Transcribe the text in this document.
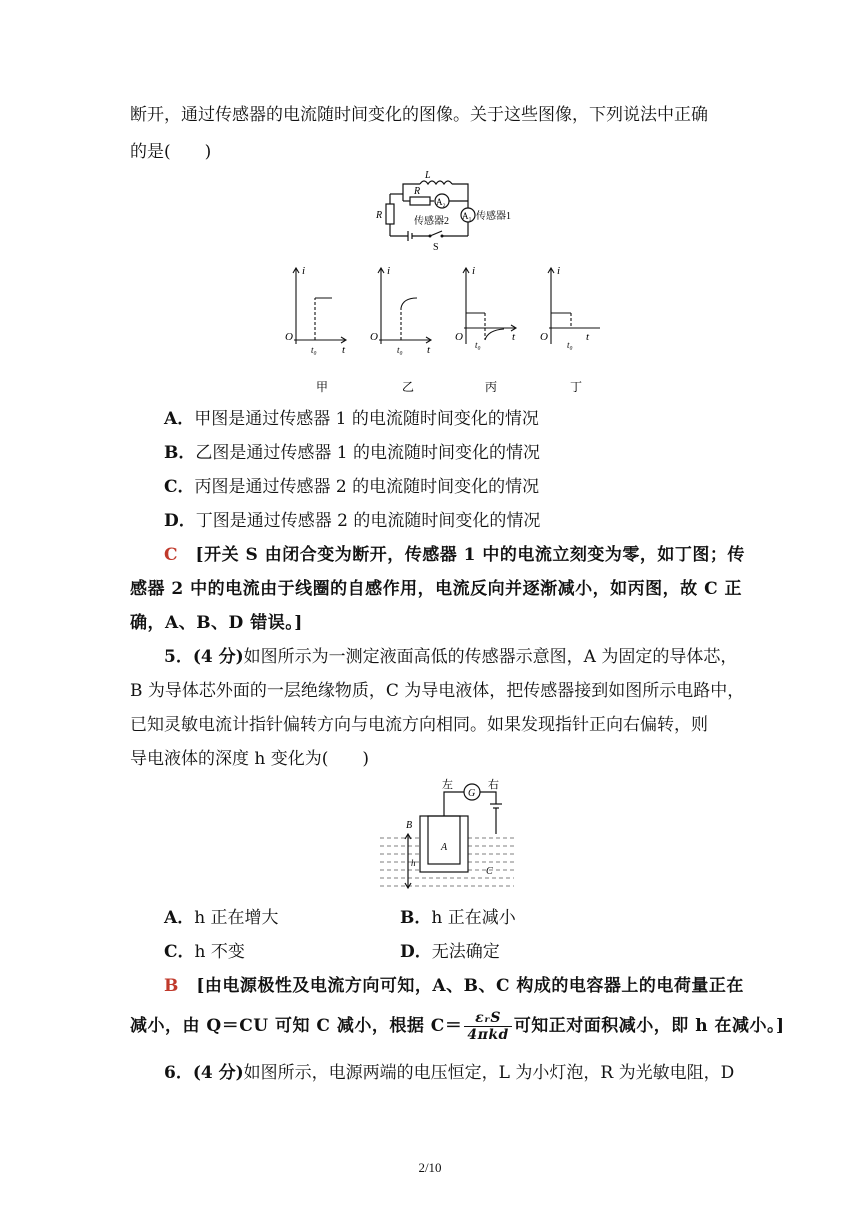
断开，通过传感器的电流随时间变化的图像。关于这些图像，下列说法中正确
的是(　　)
L
R
R
A₂
A₁
传感器2	传感器1
S
i
O
t₀ t
甲
i
O
t₀ t
乙
i
O
t₀
t
丙
i
O
t₀
t
丁
A．甲图是通过传感器 1 的电流随时间变化的情况
B．乙图是通过传感器 1 的电流随时间变化的情况
C．丙图是通过传感器 2 的电流随时间变化的情况
D．丁图是通过传感器 2 的电流随时间变化的情况
C　 [开关 S 由闭合变为断开，传感器 1 中的电流立刻变为零，如丁图；传
感器 2 中的电流由于线圈的自感作用，电流反向并逐渐减小，如丙图，故 C 正
确，A、B、D 错误。]
5．(4 分)如图所示为一测定液面高低的传感器示意图，A 为固定的导体芯，
B 为导体芯外面的一层绝缘物质，C 为导电液体，把传感器接到如图所示电路中，
已知灵敏电流计指针偏转方向与电流方向相同。如果发现指针正向右偏转，则
导电液体的深度 h 变化为(　　)
左	右
G
A
B
C
h
A．h 正在增大	B．h 正在减小
C．h 不变	D．无法确定
B　 [由电源极性及电流方向可知，A、B、C 构成的电容器上的电荷量正在
减小，由 Q＝CU 可知 C 减小，根据 $C= \frac{\text{εᵣS}}{\text{4πkd}}$ 可知正对面积减小，即 h 在减小。]
6．(4 分)如图所示，电源两端的电压恒定，L 为小灯泡，R 为光敏电阻，D
2/10
